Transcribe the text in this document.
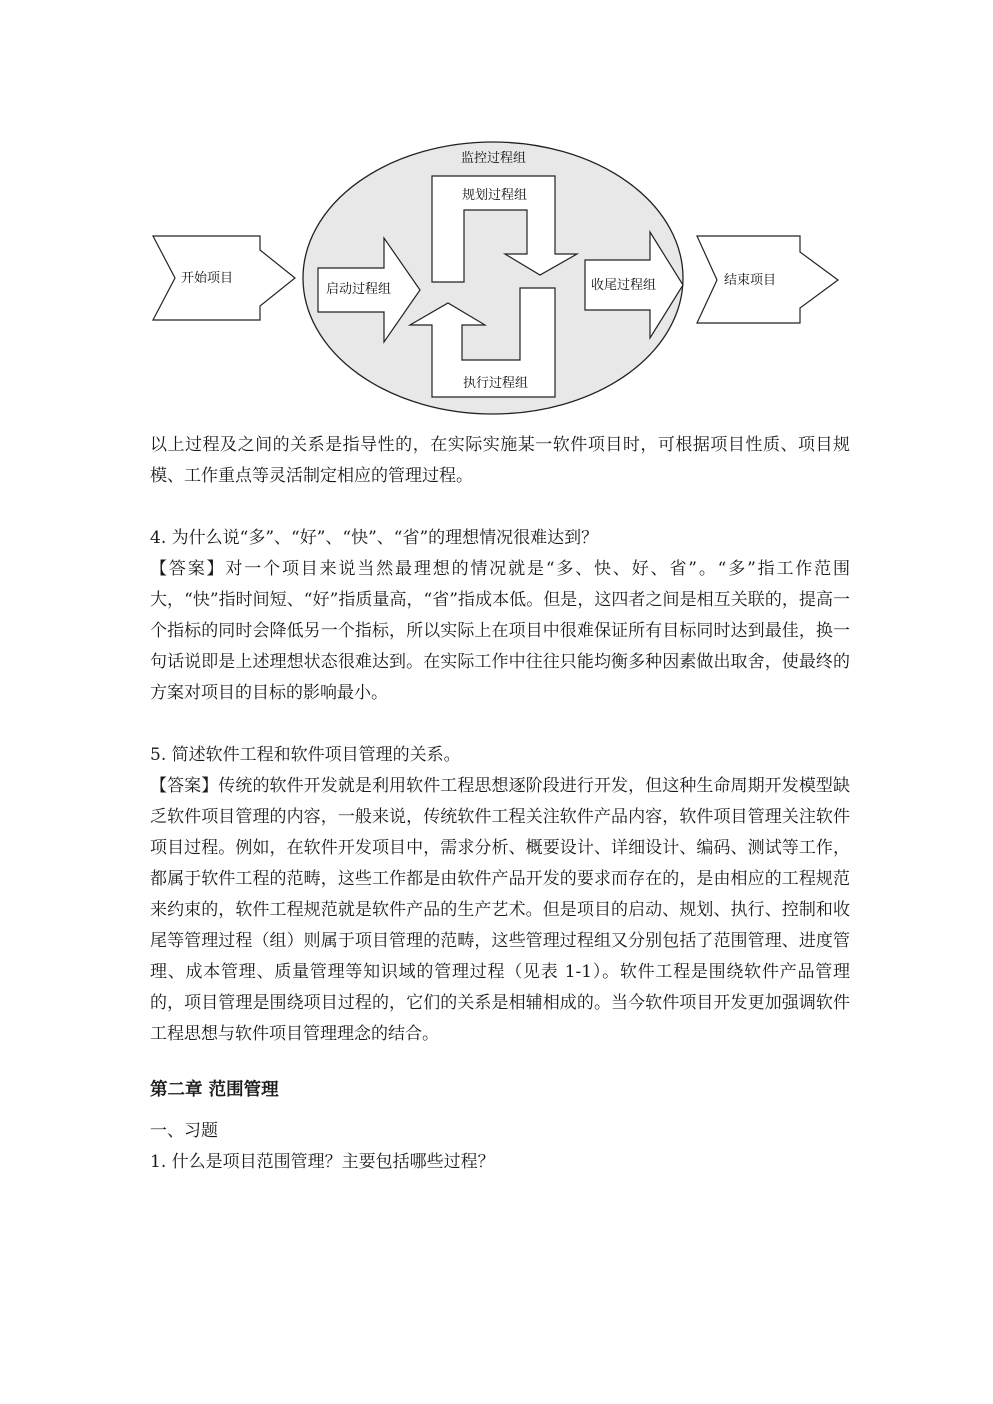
开始项目	结束项目
启动过程组	收尾过程组
规划过程组
执行过程组
监控过程组

以上过程及之间的关系是指导性的，在实际实施某一软件项目时，可根据项目性质、项目规模、工作重点等灵活制定相应的管理过程。

4. 为什么说“多”、“好”、“快”、“省”的理想情况很难达到？

【答案】对一个项目来说当然最理想的情况就是“多、快、好、省”。“多”指工作范围大，“快”指时间短、“好”指质量高，“省”指成本低。但是，这四者之间是相互关联的，提高一个指标的同时会降低另一个指标，所以实际上在项目中很难保证所有目标同时达到最佳，换一句话说即是上述理想状态很难达到。在实际工作中往往只能均衡多种因素做出取舍，使最终的方案对项目的目标的影响最小。

5. 简述软件工程和软件项目管理的关系。

【答案】传统的软件开发就是利用软件工程思想逐阶段进行开发，但这种生命周期开发模型缺乏软件项目管理的内容，一般来说，传统软件工程关注软件产品内容，软件项目管理关注软件项目过程。例如，在软件开发项目中，需求分析、概要设计、详细设计、编码、测试等工作，都属于软件工程的范畴，这些工作都是由软件产品开发的要求而存在的，是由相应的工程规范来约束的，软件工程规范就是软件产品的生产艺术。但是项目的启动、规划、执行、控制和收尾等管理过程（组）则属于项目管理的范畴，这些管理过程组又分别包括了范围管理、进度管理、成本管理、质量管理等知识域的管理过程（见表 1-1）。软件工程是围绕软件产品管理的，项目管理是围绕项目过程的，它们的关系是相辅相成的。当今软件项目开发更加强调软件工程思想与软件项目管理理念的结合。

第二章 范围管理

一、习题

1. 什么是项目范围管理？主要包括哪些过程？
